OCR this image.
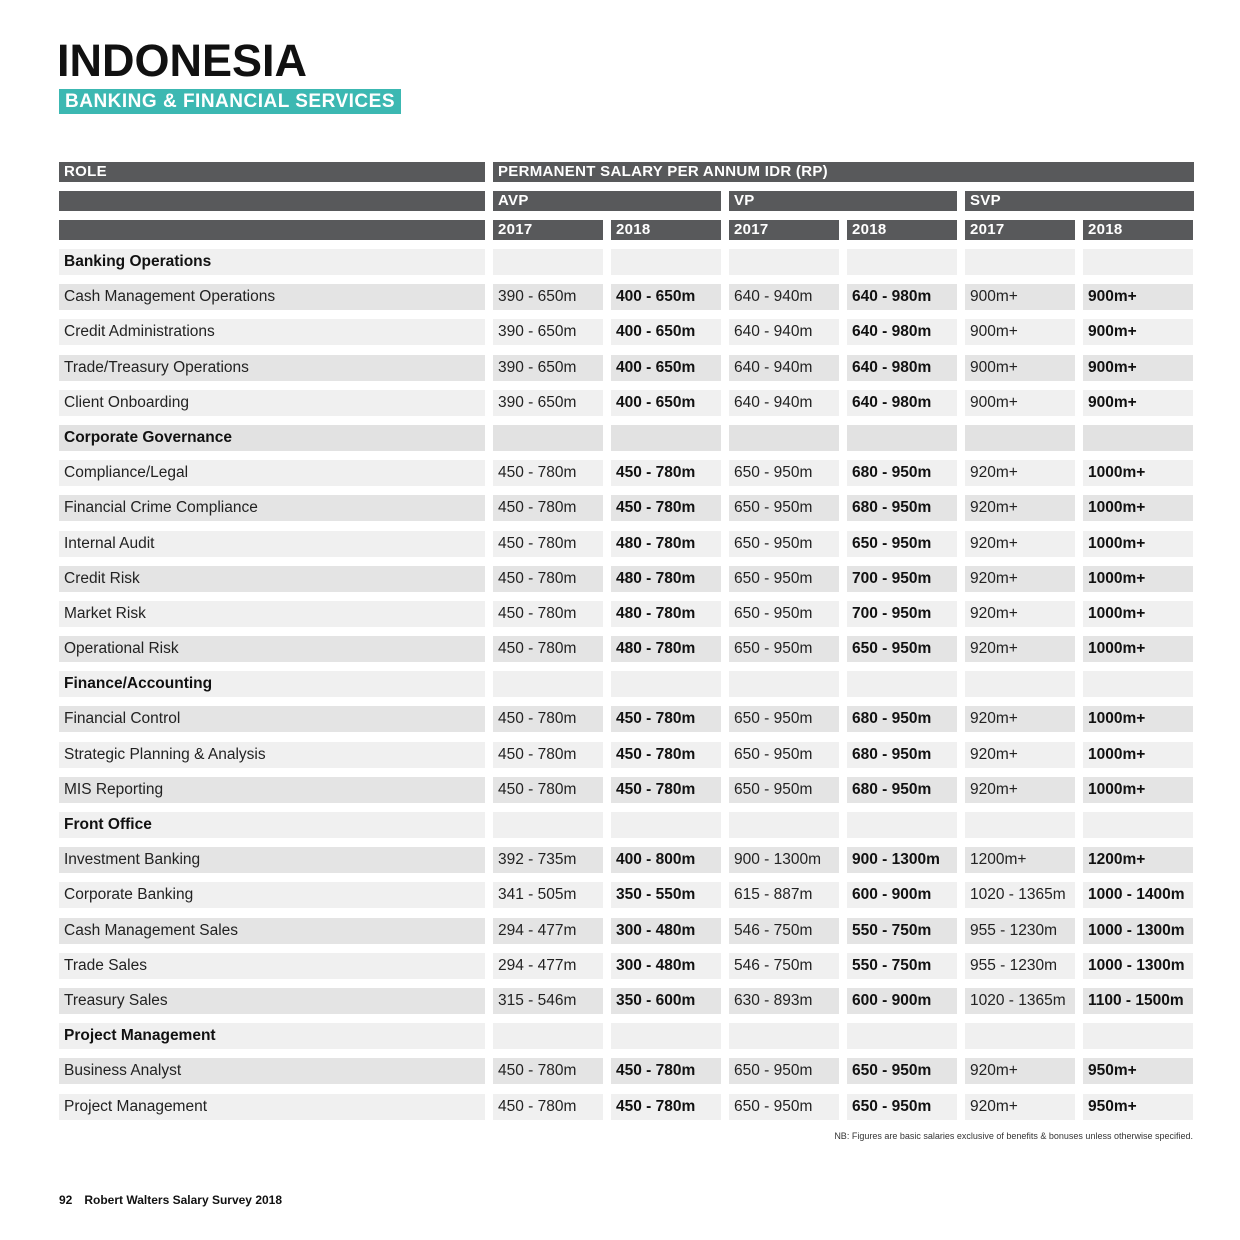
INDONESIA
BANKING & FINANCIAL SERVICES
ROLE	PERMANENT SALARY PER ANNUM IDR (RP)
AVP	VP	SVP
2017	2018	2017	2018	2017	2018
Banking Operations
Cash Management Operations	390 - 650m	400 - 650m	640 - 940m	640 - 980m	900m+	900m+
Credit Administrations	390 - 650m	400 - 650m	640 - 940m	640 - 980m	900m+	900m+
Trade/Treasury Operations	390 - 650m	400 - 650m	640 - 940m	640 - 980m	900m+	900m+
Client Onboarding	390 - 650m	400 - 650m	640 - 940m	640 - 980m	900m+	900m+
Corporate Governance
Compliance/Legal	450 - 780m	450 - 780m	650 - 950m	680 - 950m	920m+	1000m+
Financial Crime Compliance	450 - 780m	450 - 780m	650 - 950m	680 - 950m	920m+	1000m+
Internal Audit	450 - 780m	480 - 780m	650 - 950m	650 - 950m	920m+	1000m+
Credit Risk	450 - 780m	480 - 780m	650 - 950m	700 - 950m	920m+	1000m+
Market Risk	450 - 780m	480 - 780m	650 - 950m	700 - 950m	920m+	1000m+
Operational Risk	450 - 780m	480 - 780m	650 - 950m	650 - 950m	920m+	1000m+
Finance/Accounting
Financial Control	450 - 780m	450 - 780m	650 - 950m	680 - 950m	920m+	1000m+
Strategic Planning & Analysis	450 - 780m	450 - 780m	650 - 950m	680 - 950m	920m+	1000m+
MIS Reporting	450 - 780m	450 - 780m	650 - 950m	680 - 950m	920m+	1000m+
Front Office
Investment Banking	392 - 735m	400 - 800m	900 - 1300m	900 - 1300m	1200m+	1200m+
Corporate Banking	341 - 505m	350 - 550m	615 - 887m	600 - 900m	1020 - 1365m	1000 - 1400m
Cash Management Sales	294 - 477m	300 - 480m	546 - 750m	550 - 750m	955 - 1230m	1000 - 1300m
Trade Sales	294 - 477m	300 - 480m	546 - 750m	550 - 750m	955 - 1230m	1000 - 1300m
Treasury Sales	315 - 546m	350 - 600m	630 - 893m	600 - 900m	1020 - 1365m	1100 - 1500m
Project Management
Business Analyst	450 - 780m	450 - 780m	650 - 950m	650 - 950m	920m+	950m+
Project Management	450 - 780m	450 - 780m	650 - 950m	650 - 950m	920m+	950m+
NB: Figures are basic salaries exclusive of benefits & bonuses unless otherwise specified.
92 Robert Walters Salary Survey 2018
